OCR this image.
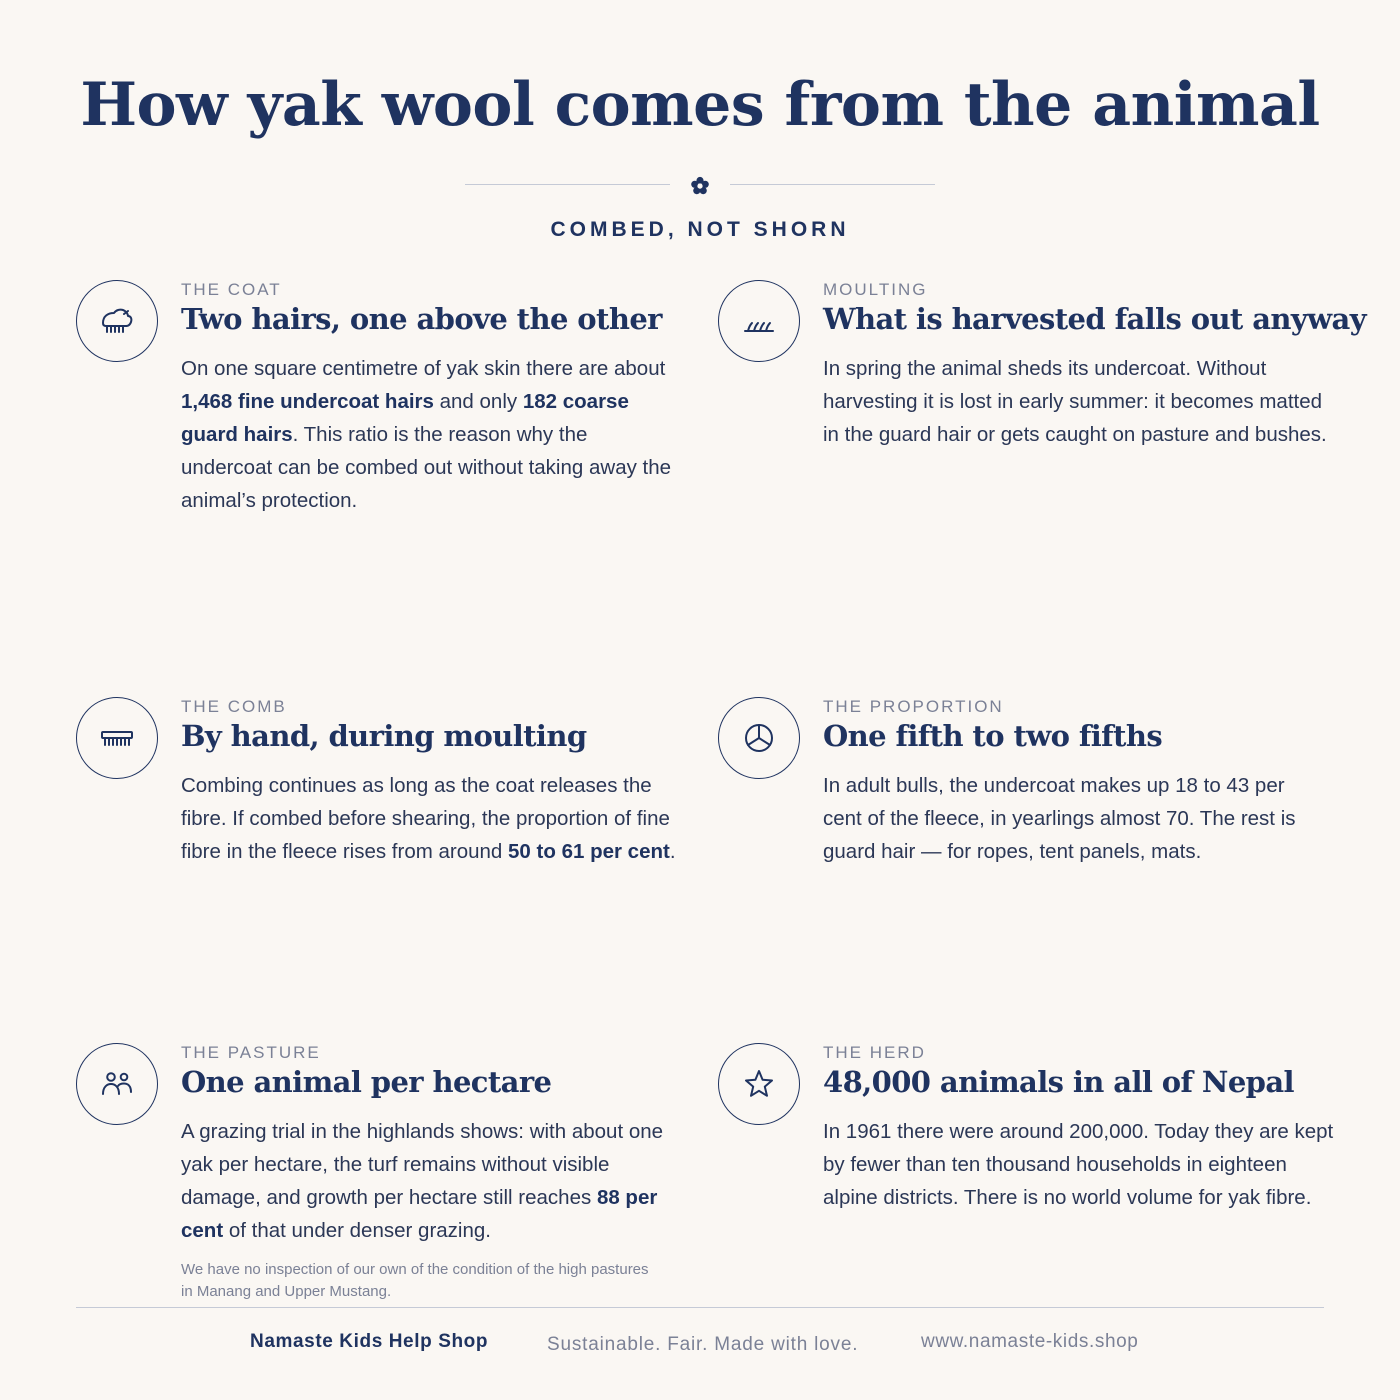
How yak wool comes from the animal
COMBED, NOT SHORN
THE COAT
Two hairs, one above the other
On one square centimetre of yak skin there are about 1,468 fine undercoat hairs and only 182 coarse guard hairs. This ratio is the reason why the undercoat can be combed out without taking away the animal’s protection.
MOULTING
What is harvested falls out anyway
In spring the animal sheds its undercoat. Without harvesting it is lost in early summer: it becomes matted in the guard hair or gets caught on pasture and bushes.
THE COMB
By hand, during moulting
Combing continues as long as the coat releases the fibre. If combed before shearing, the proportion of fine fibre in the fleece rises from around 50 to 61 per cent.
THE PROPORTION
One fifth to two fifths
In adult bulls, the undercoat makes up 18 to 43 per cent of the fleece, in yearlings almost 70. The rest is guard hair — for ropes, tent panels, mats.
THE PASTURE
One animal per hectare
A grazing trial in the highlands shows: with about one yak per hectare, the turf remains without visible damage, and growth per hectare still reaches 88 per cent of that under denser grazing.
We have no inspection of our own of the condition of the high pastures in Manang and Upper Mustang.
THE HERD
48,000 animals in all of Nepal
In 1961 there were around 200,000. Today they are kept by fewer than ten thousand households in eighteen alpine districts. There is no world volume for yak fibre.
Namaste Kids Help Shop	Sustainable. Fair. Made with love.	www.namaste-kids.shop
